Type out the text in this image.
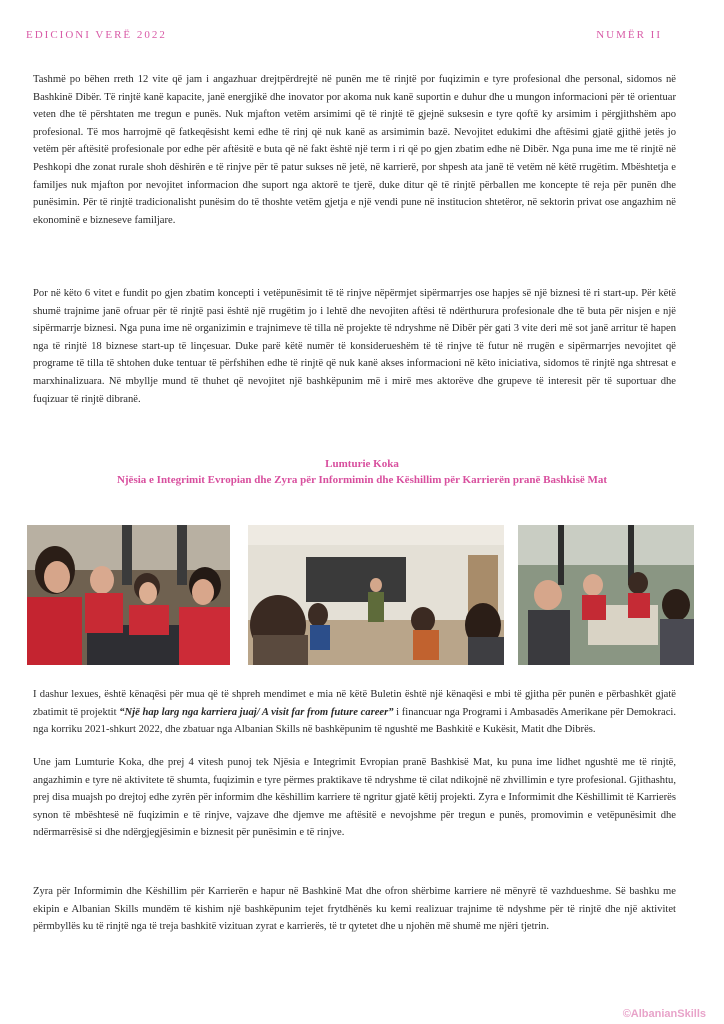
EDICIONI VERË 2022	NUMËR II

Tashmë po bëhen rreth 12 vite që jam i angazhuar drejtpërdrejtë në punën me të rinjtë por fuqizimin e tyre profesional dhe personal, sidomos në Bashkinë Dibër. Të rinjtë kanë kapacite, janë energjikë dhe inovator por akoma nuk kanë suportin e duhur dhe u mungon informacioni për të orientuar veten dhe të përshtaten me tregun e punës. Nuk mjafton vetëm arsimimi që të rinjtë të gjejnë suksesin e tyre qoftë ky arsimim i përgjithshëm apo profesional. Të mos harrojmë që fatkeqësisht kemi edhe të rinj që nuk kanë as arsimimin bazë. Nevojitet edukimi dhe aftësimi gjatë gjithë jetës jo vetëm për aftësitë profesionale por edhe për aftësitë e buta që në fakt është një term i ri që po gjen zbatim edhe në Dibër. Nga puna ime me të rinjtë në Peshkopi dhe zonat rurale shoh dëshirën e të rinjve për të patur sukses në jetë, në karrierë, por shpesh ata janë të vetëm në këtë rrugëtim. Mbështetja e familjes nuk mjafton por nevojitet informacion dhe suport nga aktorë te tjerë, duke ditur që të rinjtë përballen me koncepte të reja për punën dhe punësimin. Për të rinjtë tradicionalisht punësim do të thoshte vetëm gjetja e një vendi pune në institucion shtetëror, në sektorin privat ose angazhim në ekonominë e bizneseve familjare.

Por në këto 6 vitet e fundit po gjen zbatim koncepti i vetëpunësimit të të rinjve nëpërmjet sipërmarrjes ose hapjes së një biznesi të ri start-up. Për këtë shumë trajnime janë ofruar për të rinjtë pasi është një rrugëtim jo i lehtë dhe nevojiten aftësi të ndërthurura profesionale dhe të buta për nisjen e një sipërmarrje biznesi. Nga puna ime në organizimin e trajnimeve të tilla në projekte të ndryshme në Dibër për gati 3 vite deri më sot janë arritur të hapen nga të rinjtë 18 biznese start-up të linçesuar. Duke parë këtë numër të konsiderueshëm të të rinjve të futur në rrugën e sipërmarrjes nevojitet që programe të tilla të shtohen duke tentuar të përfshihen edhe të rinjtë që nuk kanë akses informacioni në këto iniciativa, sidomos të rinjtë nga shtresat e marxhinalizuara. Në mbyllje mund të thuhet që nevojitet një bashkëpunim më i mirë mes aktorëve dhe grupeve të interesit për të suportuar dhe fuqizuar të rinjtë dibranë.

Lumturie Koka
Njësia e Integrimit Evropian dhe Zyra për Informimin dhe Këshillim për Karrierën pranë Bashkisë Mat

I dashur lexues, është kënaqësi për mua që të shpreh mendimet e mia në këtë Buletin është një kënaqësi e mbi të gjitha për punën e përbashkët gjatë zbatimit të projektit “Një hap larg nga karriera juaj/ A visit far from future career” i financuar nga Programi i Ambasadës Amerikane për Demokraci. nga korriku 2021-shkurt 2022, dhe zbatuar nga Albanian Skills në bashkëpunim të ngushtë me Bashkitë e Kukësit, Matit dhe Dibrës.

Une jam Lumturie Koka, dhe prej 4 vitesh punoj tek Njësia e Integrimit Evropian pranë Bashkisë Mat, ku puna ime lidhet ngushtë me të rinjtë, angazhimin e tyre në aktivitete të shumta, fuqizimin e tyre përmes praktikave të ndryshme të cilat ndikojnë në zhvillimin e tyre profesional. Gjithashtu, prej disa muajsh po drejtoj edhe zyrën për informim dhe këshillim karriere të ngritur gjatë këtij projekti. Zyra e Informimit dhe Këshillimit të Karrierës synon të mbështesë në fuqizimin e të rinjve, vajzave dhe djemve me aftësitë e nevojshme për tregun e punës, promovimin e vetëpunësimit dhe ndërmarrësisë si dhe ndërgjegjësimin e biznesit për punësimin e të rinjve.

Zyra për Informimin dhe Këshillim për Karrierën e hapur në Bashkinë Mat dhe ofron shërbime karriere në mënyrë të vazhdueshme. Së bashku me ekipin e Albanian Skills mundëm të kishim një bashkëpunim tejet frytdhënës ku kemi realizuar trajnime të ndyshme për të rinjtë dhe një aktivitet përmbyllës ku të rinjtë nga të treja bashkitë vizituan zyrat e karrierës, të tr qytetet dhe u njohën më shumë me njëri tjetrin.

©AlbanianSkills
